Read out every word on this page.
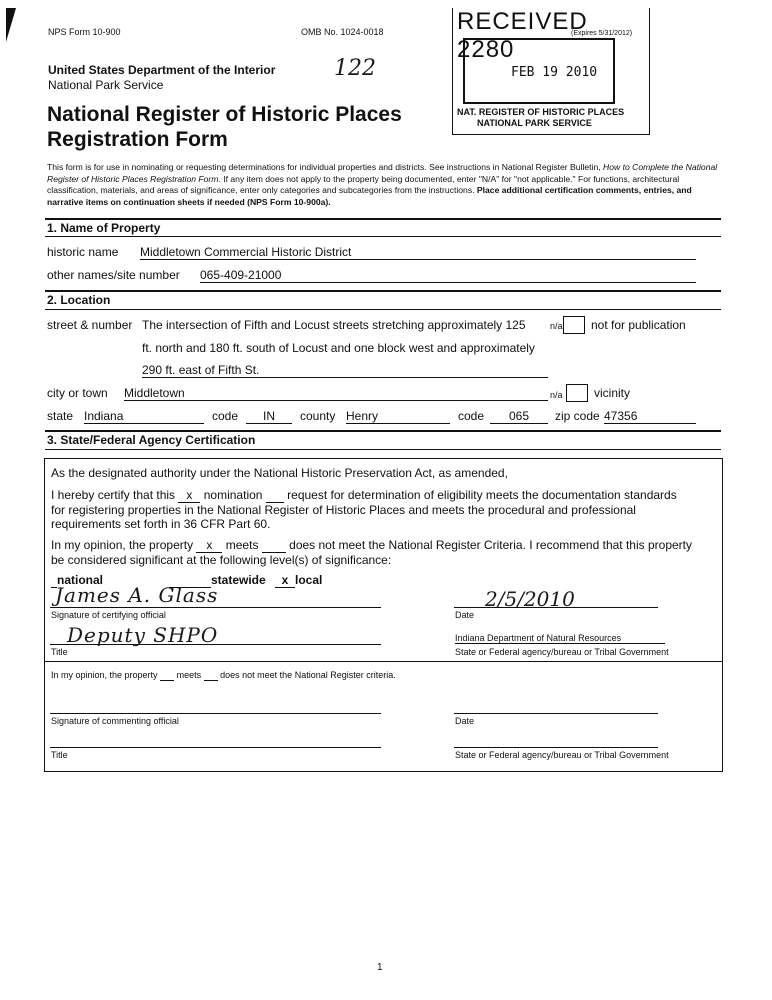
NPS Form 10-900	OMB No. 1024-0018
122
United States Department of the Interior
National Park Service
National Register of Historic Places
Registration Form
RECEIVED 2280
(Expires 5/31/2012)
FEB 19 2010
NAT. REGISTER OF HISTORIC PLACES
NATIONAL PARK SERVICE
This form is for use in nominating or requesting determinations for individual properties and districts. See instructions in National Register Bulletin, How to Complete the National Register of Historic Places Registration Form. If any item does not apply to the property being documented, enter "N/A" for "not applicable." For functions, architectural classification, materials, and areas of significance, enter only categories and subcategories from the instructions. Place additional certification comments, entries, and narrative items on continuation sheets if needed (NPS Form 10-900a).
1. Name of Property
historic name Middletown Commercial Historic District
other names/site number 065-409-21000
2. Location
street & number The intersection of Fifth and Locust streets stretching approximately 125	n/a not for publication
ft. north and 180 ft. south of Locust and one block west and approximately
290 ft. east of Fifth St.
city or town Middletown	n/a	vicinity
state Indiana	code	IN	county Henry	code	065	zip code 47356
3. State/Federal Agency Certification
As the designated authority under the National Historic Preservation Act, as amended,
I hereby certify that this x nomination request for determination of eligibility meets the documentation standards
for registering properties in the National Register of Historic Places and meets the procedural and professional
requirements set forth in 36 CFR Part 60.
In my opinion, the property x meets	does not meet the National Register Criteria. I recommend that this property
be considered significant at the following level(s) of significance:
national	statewide	x local
James A. Glass
Signature of certifying official
2/5/2010
Date
Deputy SHPO
Title
Indiana Department of Natural Resources
State or Federal agency/bureau or Tribal Government
In my opinion, the property meets does not meet the National Register criteria.
Signature of commenting official	Date
Title	State or Federal agency/bureau or Tribal Government
1
